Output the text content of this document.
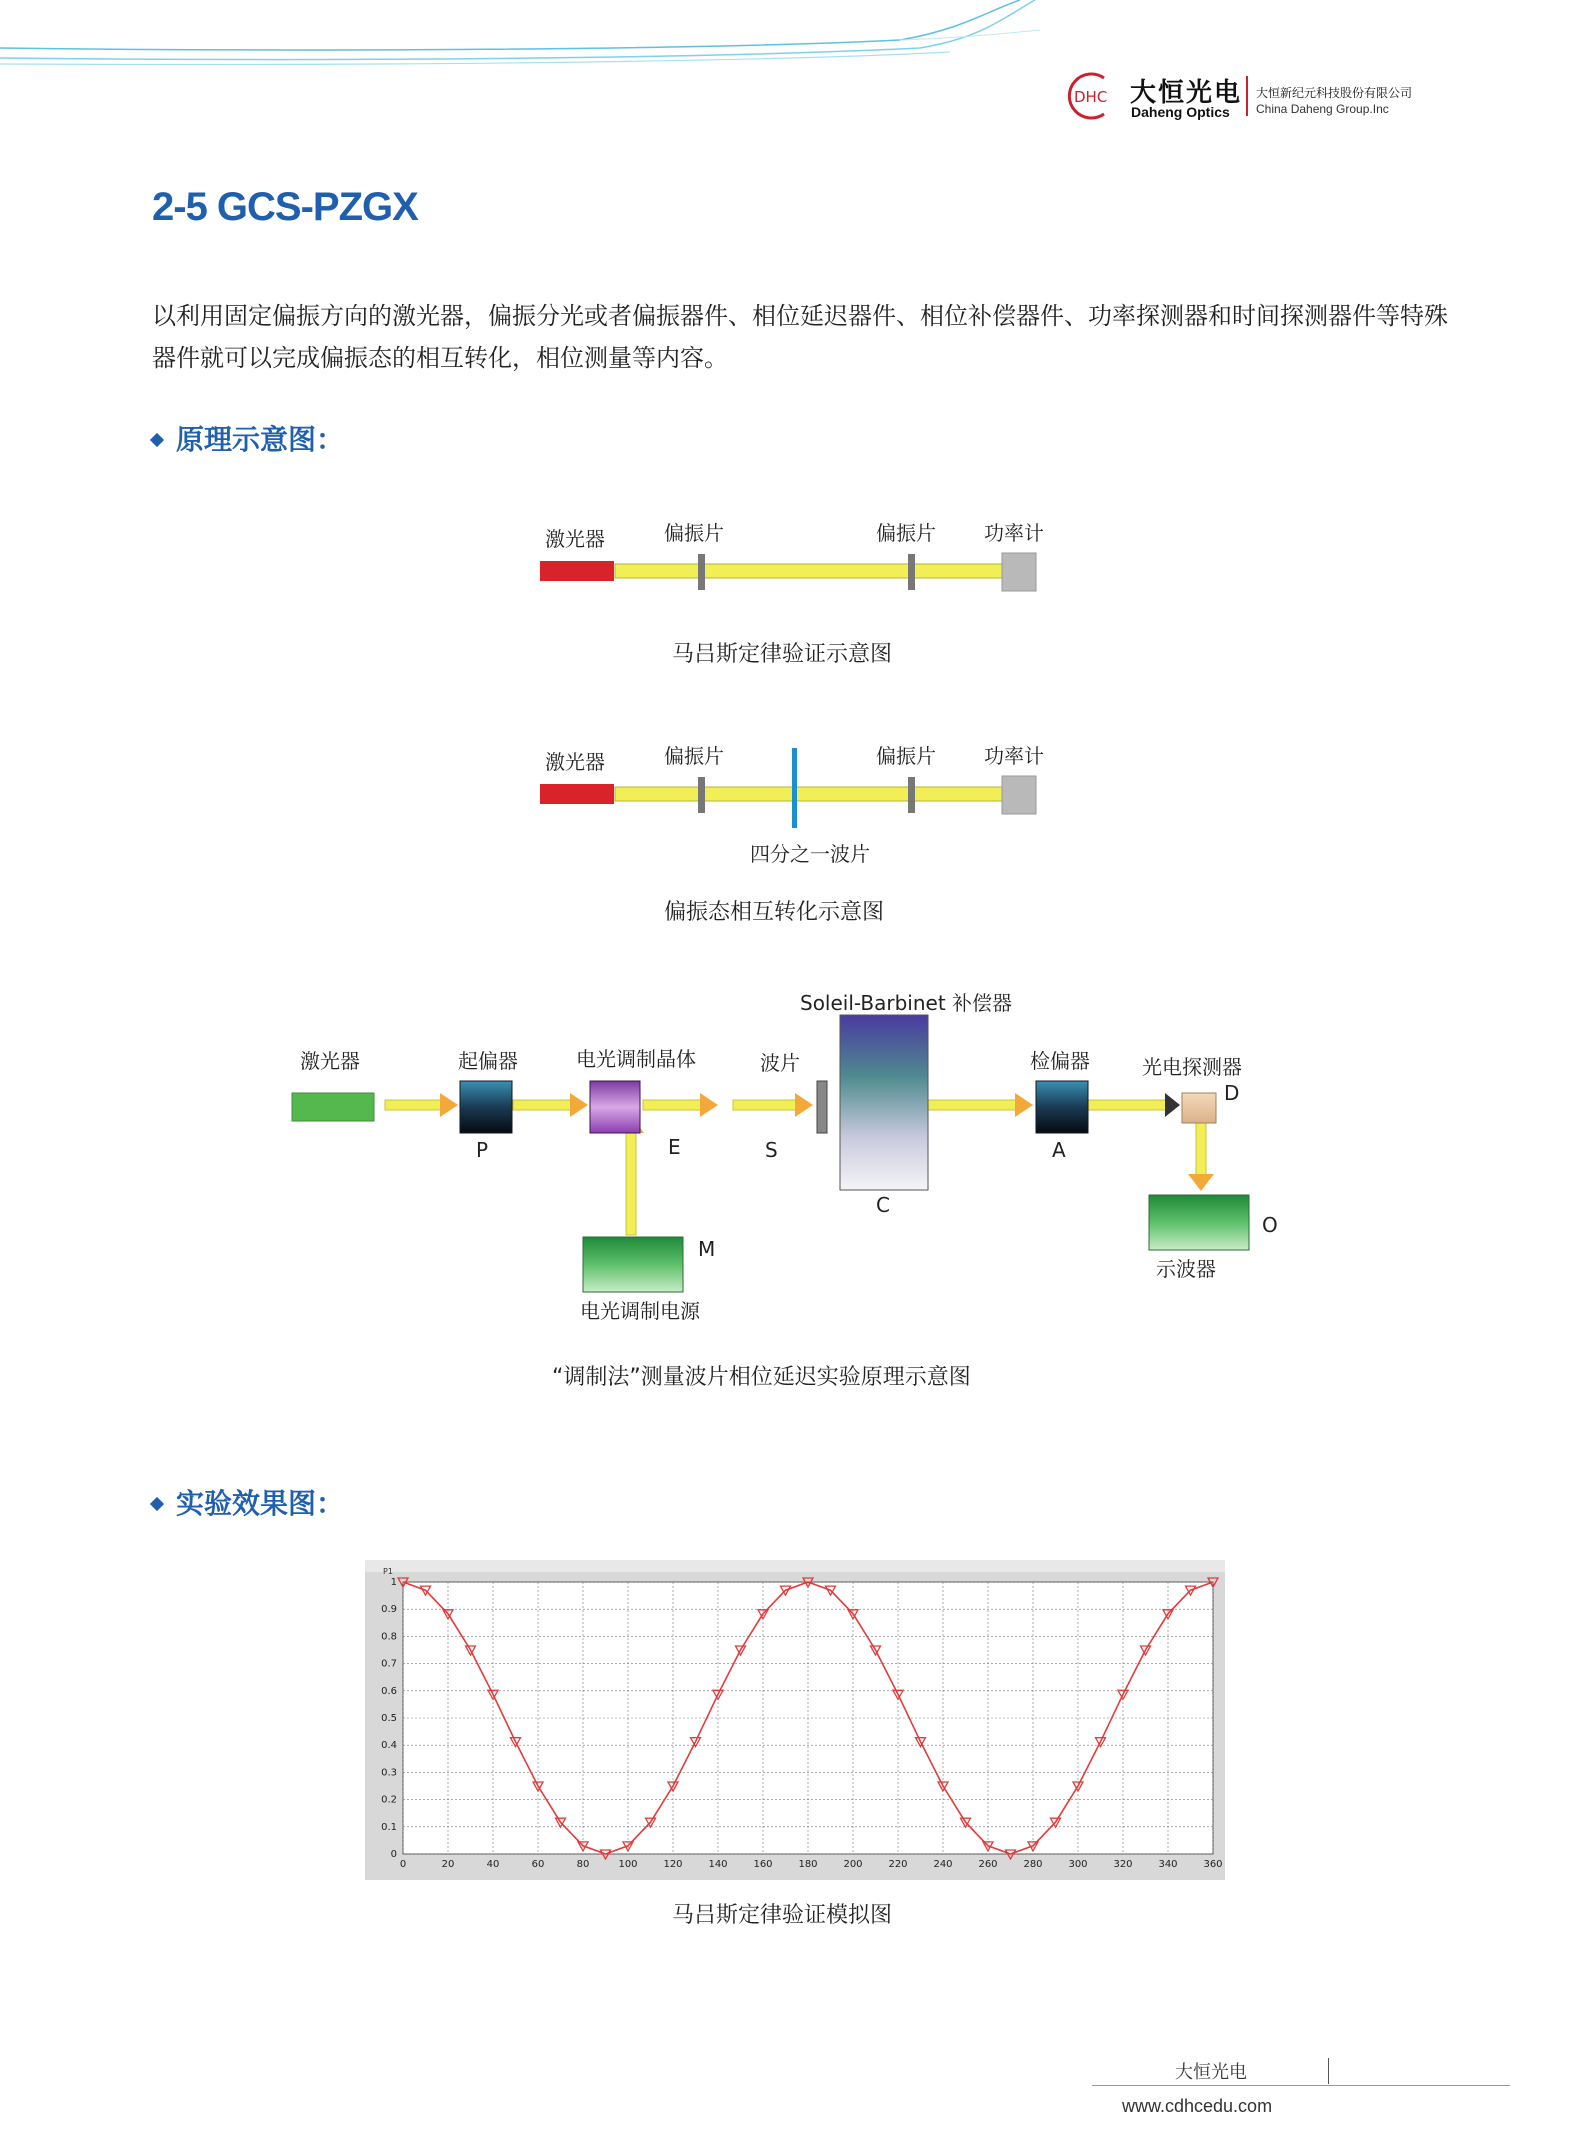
DHC 大恒光电
Daheng Optics
大恒新纪元科技股份有限公司
China Daheng Group.Inc
2-5 GCS-PZGX
以利用固定偏振方向的激光器，偏振分光或者偏振器件、相位延迟器件、相位补偿器件、功率探测器和时间探测器件等特殊器件就可以完成偏振态的相互转化，相位测量等内容。
原理示意图：
激光器	偏振片	偏振片 功率计
马吕斯定律验证示意图
激光器	偏振片	偏振片 功率计
四分之一波片
偏振态相互转化示意图
激光器	起偏器
P
电光调制晶体
E
波片
S
Soleil-Barbinet 补偿器
C
检偏器
A
光电探测器
D
电光调制电源
M
示波器
O
“调制法”测量波片相位延迟实验原理示意图
实验效果图：
P1
0	20	40	60	80	100	120	140	160	180	200	220	240	260	280	300	320	340	360
0
0.1
0.2
0.3
0.4
0.5
0.6
0.7
0.8
0.9
1
马吕斯定律验证模拟图
大恒光电
www.cdhcedu.com
